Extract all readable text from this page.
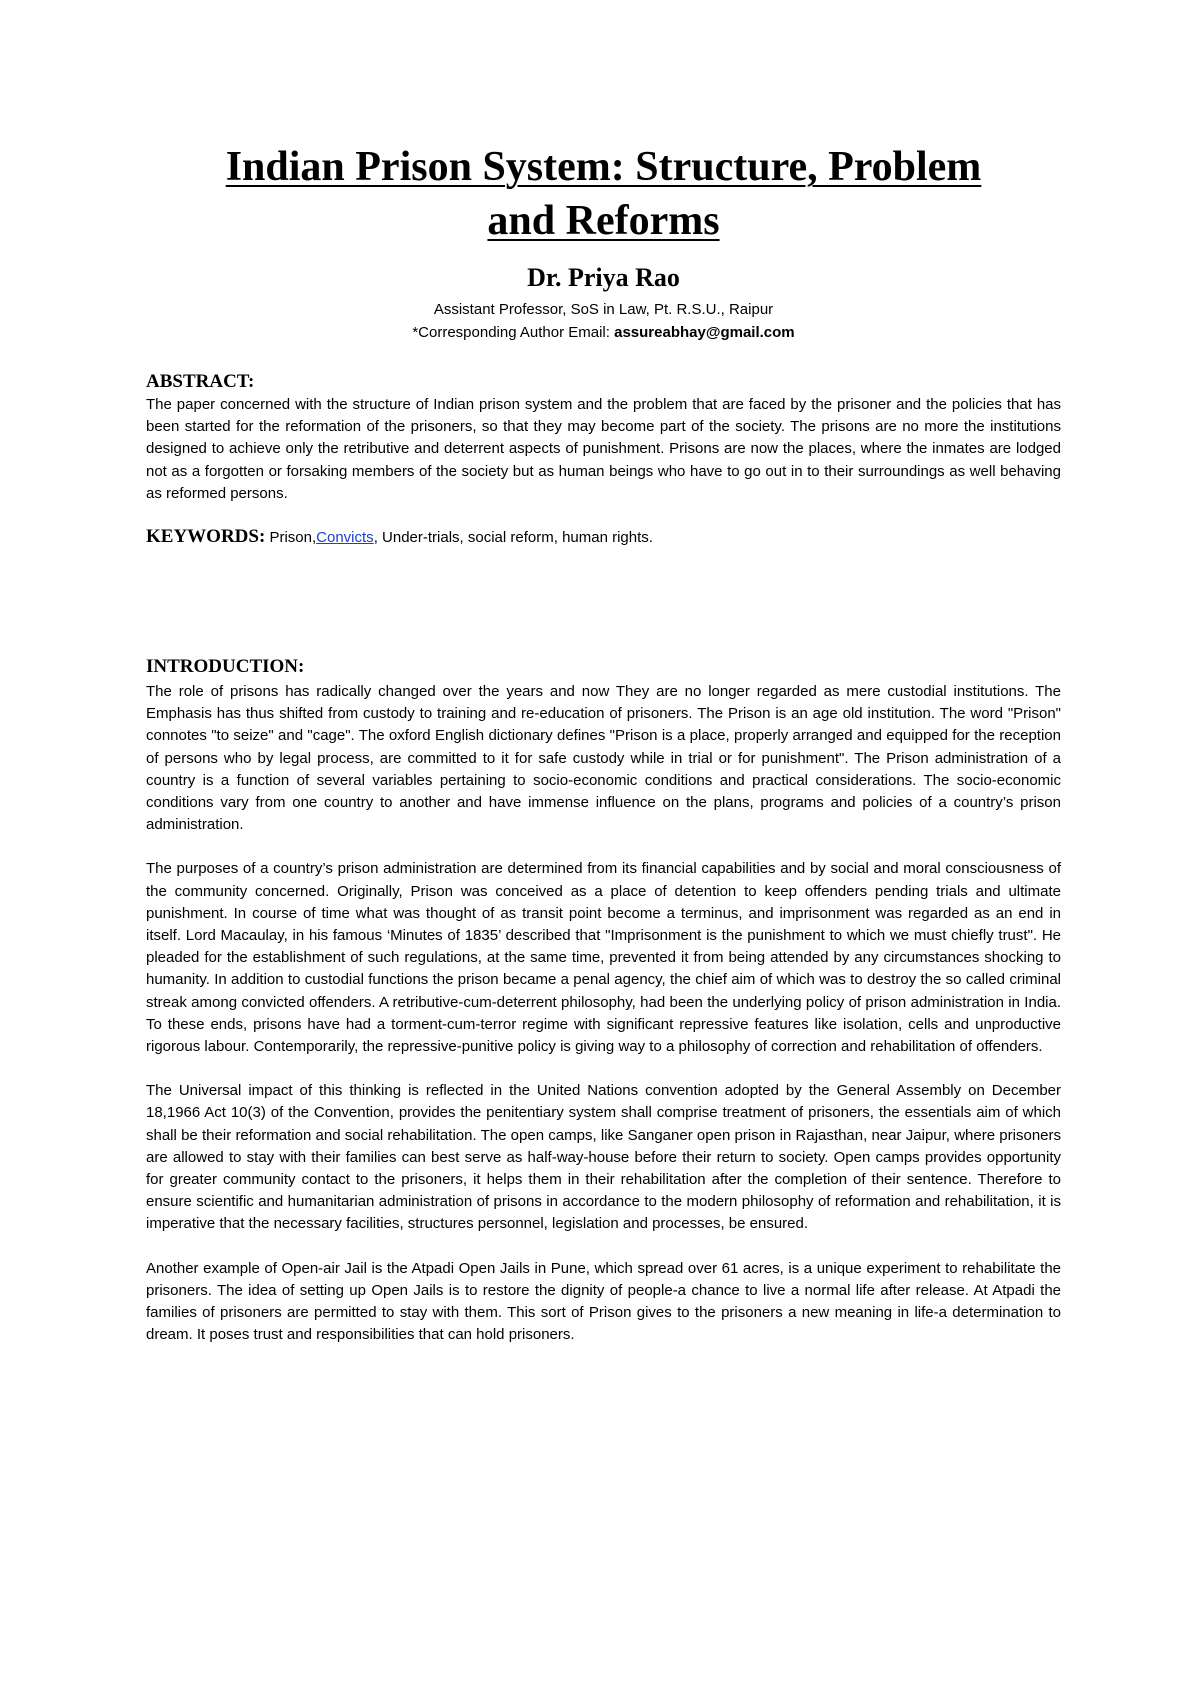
Indian Prison System: Structure, Problem
and Reforms

Dr. Priya Rao

Assistant Professor, SoS in Law, Pt. R.S.U., Raipur

*Corresponding Author Email: assureabhay@gmail.com

ABSTRACT:

The paper concerned with the structure of Indian prison system and the problem that are faced by the prisoner and the policies that has been started for the reformation of the prisoners, so that they may become part of the society. The prisons are no more the institutions designed to achieve only the retributive and deterrent aspects of punishment. Prisons are now the places, where the inmates are lodged not as a forgotten or forsaking members of the society but as human beings who have to go out in to their surroundings as well behaving as reformed persons.

KEYWORDS: Prison,Convicts, Under-trials, social reform, human rights.

INTRODUCTION:

The role of prisons has radically changed over the years and now They are no longer regarded as mere custodial institutions. The Emphasis has thus shifted from custody to training and re-education of prisoners. The Prison is an age old institution. The word "Prison" connotes "to seize" and "cage". The oxford English dictionary defines "Prison is a place, properly arranged and equipped for the reception of persons who by legal process, are committed to it for safe custody while in trial or for punishment". The Prison administration of a country is a function of several variables pertaining to socio-economic conditions and practical considerations. The socio-economic conditions vary from one country to another and have immense influence on the plans, programs and policies of a country’s prison administration.

The purposes of a country’s prison administration are determined from its financial capabilities and by social and moral consciousness of the community concerned. Originally, Prison was conceived as a place of detention to keep offenders pending trials and ultimate punishment. In course of time what was thought of as transit point become a terminus, and imprisonment was regarded as an end in itself. Lord Macaulay, in his famous ‘Minutes of 1835’ described that "Imprisonment is the punishment to which we must chiefly trust". He pleaded for the establishment of such regulations, at the same time, prevented it from being attended by any circumstances shocking to humanity. In addition to custodial functions the prison became a penal agency, the chief aim of which was to destroy the so called criminal streak among convicted offenders. A retributive-cum-deterrent philosophy, had been the underlying policy of prison administration in India. To these ends, prisons have had a torment-cum-terror regime with significant repressive features like isolation, cells and unproductive rigorous labour. Contemporarily, the repressive-punitive policy is giving way to a philosophy of correction and rehabilitation of offenders.

The Universal impact of this thinking is reflected in the United Nations convention adopted by the General Assembly on December 18,1966 Act 10(3) of the Convention, provides the penitentiary system shall comprise treatment of prisoners, the essentials aim of which shall be their reformation and social rehabilitation. The open camps, like Sanganer open prison in Rajasthan, near Jaipur, where prisoners are allowed to stay with their families can best serve as half-way-house before their return to society. Open camps provides opportunity for greater community contact to the prisoners, it helps them in their rehabilitation after the completion of their sentence. Therefore to ensure scientific and humanitarian administration of prisons in accordance to the modern philosophy of reformation and rehabilitation, it is imperative that the necessary facilities, structures personnel, legislation and processes, be ensured.

Another example of Open-air Jail is the Atpadi Open Jails in Pune, which spread over 61 acres, is a unique experiment to rehabilitate the prisoners. The idea of setting up Open Jails is to restore the dignity of people-a chance to live a normal life after release. At Atpadi the families of prisoners are permitted to stay with them. This sort of Prison gives to the prisoners a new meaning in life-a determination to dream. It poses trust and responsibilities that can hold prisoners.
